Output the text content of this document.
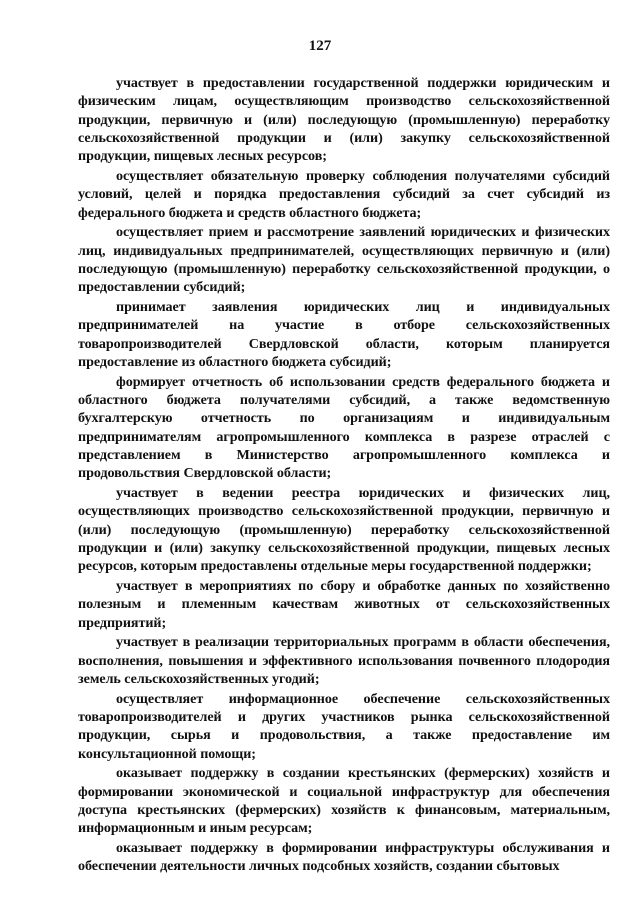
127

участвует в предоставлении государственной поддержки юридическим и физическим лицам, осуществляющим производство сельскохозяйственной продукции, первичную и (или) последующую (промышленную) переработку сельскохозяйственной продукции и (или) закупку сельскохозяйственной продукции, пищевых лесных ресурсов;

осуществляет обязательную проверку соблюдения получателями субсидий условий, целей и порядка предоставления субсидий за счет субсидий из федерального бюджета и средств областного бюджета;

осуществляет прием и рассмотрение заявлений юридических и физических лиц, индивидуальных предпринимателей, осуществляющих первичную и (или) последующую (промышленную) переработку сельскохозяйственной продукции, о предоставлении субсидий;

принимает заявления юридических лиц и индивидуальных предпринимателей на участие в отборе сельскохозяйственных товаропроизводителей Свердловской области, которым планируется предоставление из областного бюджета субсидий;

формирует отчетность об использовании средств федерального бюджета и областного бюджета получателями субсидий, а также ведомственную бухгалтерскую отчетность по организациям и индивидуальным предпринимателям агропромышленного комплекса в разрезе отраслей с представлением в Министерство агропромышленного комплекса и продовольствия Свердловской области;

участвует в ведении реестра юридических и физических лиц, осуществляющих производство сельскохозяйственной продукции, первичную и (или) последующую (промышленную) переработку сельскохозяйственной продукции и (или) закупку сельскохозяйственной продукции, пищевых лесных ресурсов, которым предоставлены отдельные меры государственной поддержки;

участвует в мероприятиях по сбору и обработке данных по хозяйственно полезным и племенным качествам животных от сельскохозяйственных предприятий;

участвует в реализации территориальных программ в области обеспечения, восполнения, повышения и эффективного использования почвенного плодородия земель сельскохозяйственных угодий;

осуществляет информационное обеспечение сельскохозяйственных товаропроизводителей и других участников рынка сельскохозяйственной продукции, сырья и продовольствия, а также предоставление им консультационной помощи;

оказывает поддержку в создании крестьянских (фермерских) хозяйств и формировании экономической и социальной инфраструктур для обеспечения доступа крестьянских (фермерских) хозяйств к финансовым, материальным, информационным и иным ресурсам;

оказывает поддержку в формировании инфраструктуры обслуживания и обеспечении деятельности личных подсобных хозяйств, создании сбытовых
